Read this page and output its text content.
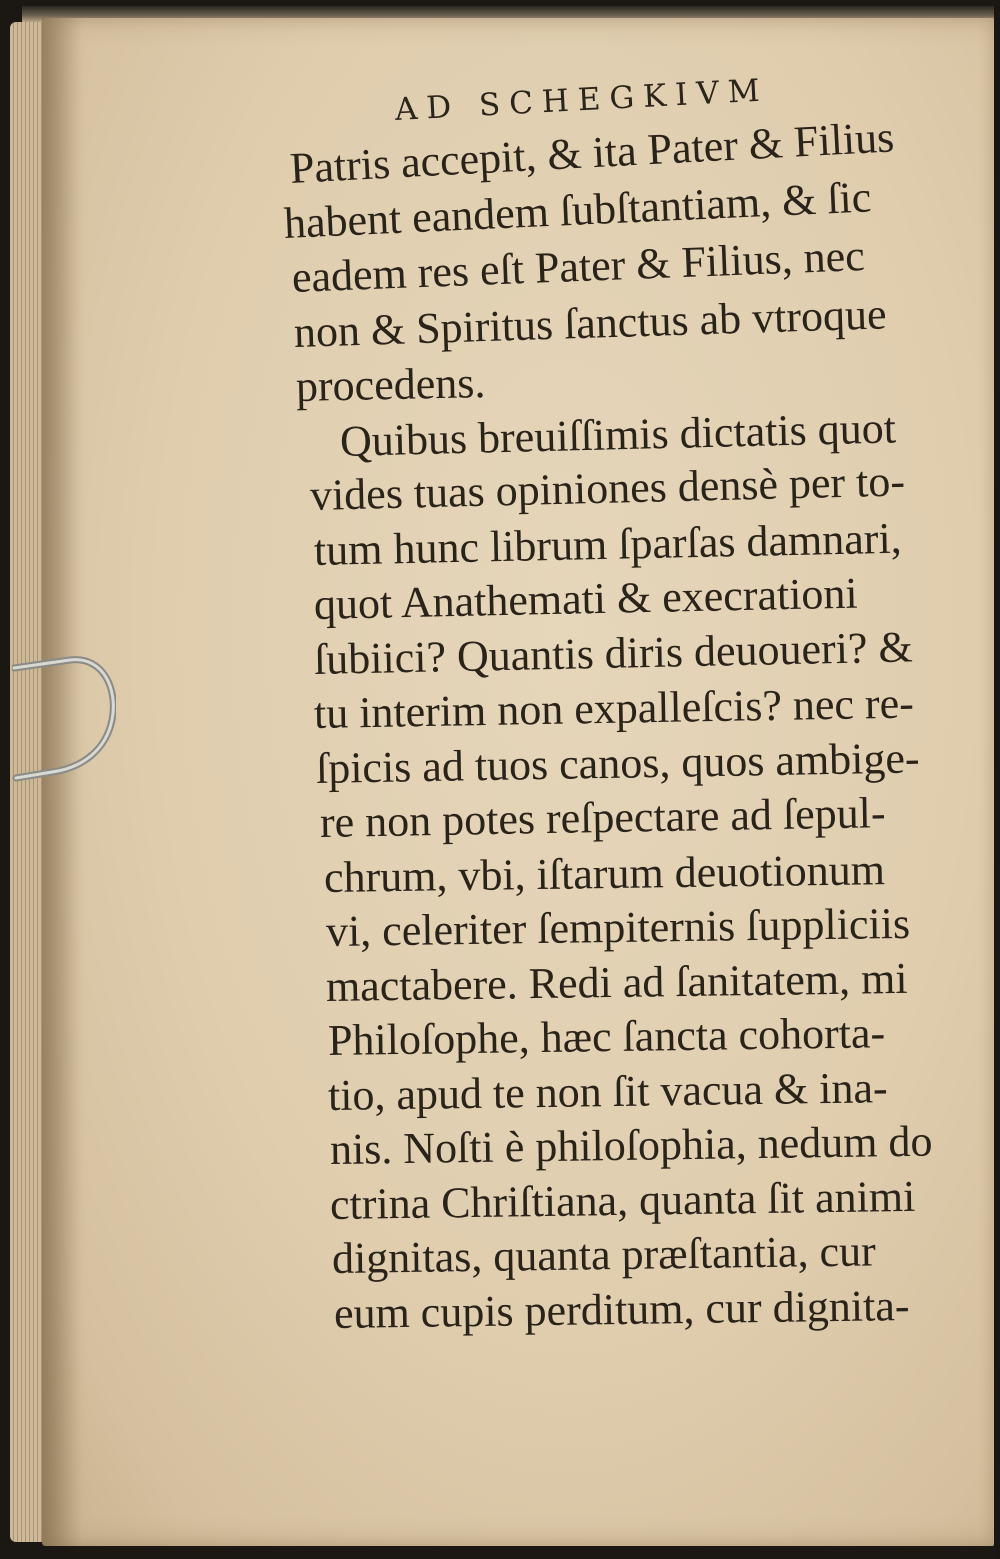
AD SCHEGKIVM
Patris accepit, & ita Pater & Filius
habent eandem ſubſtantiam, & ſic
eadem res eſt Pater & Filius, nec
non & Spiritus ſanctus ab vtroque
procedens.
Quibus breuiſſimis dictatis quot
vides tuas opiniones densè per to-
tum hunc librum ſparſas damnari,
quot Anathemati & execrationi
ſubiici? Quantis diris deuoueri? &
tu interim non expalleſcis? nec re-
ſpicis ad tuos canos, quos ambige-
re non potes reſpectare ad ſepul-
chrum, vbi, iſtarum deuotionum
vi, celeriter ſempiternis ſuppliciis
mactabere. Redi ad ſanitatem, mi
Philoſophe, hæc ſancta cohorta-
tio, apud te non ſit vacua & ina-
nis. Noſti è philoſophia, nedum do
ctrina Chriſtiana, quanta ſit animi
dignitas, quanta præſtantia, cur
eum cupis perditum, cur dignita-
